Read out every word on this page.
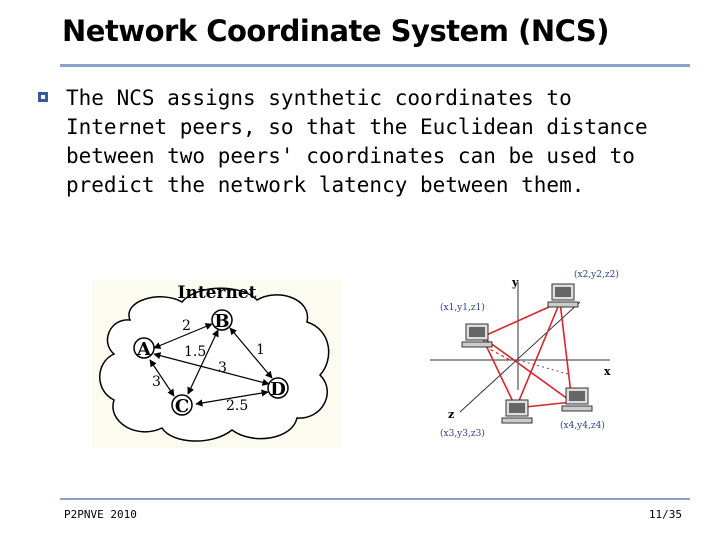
Network Coordinate System (NCS)
The NCS assigns synthetic coordinates to Internet peers, so that the Euclidean distance between two peers' coordinates can be used to predict the network latency between them.
Internet
2
1.5	1
3
3
2.5
A
B
C
D
y
x
z
(x1,y1,z1)
(x2,y2,z2)
(x3,y3,z3)
(x4,y4,z4)
P2PNVE 2010	11/35
